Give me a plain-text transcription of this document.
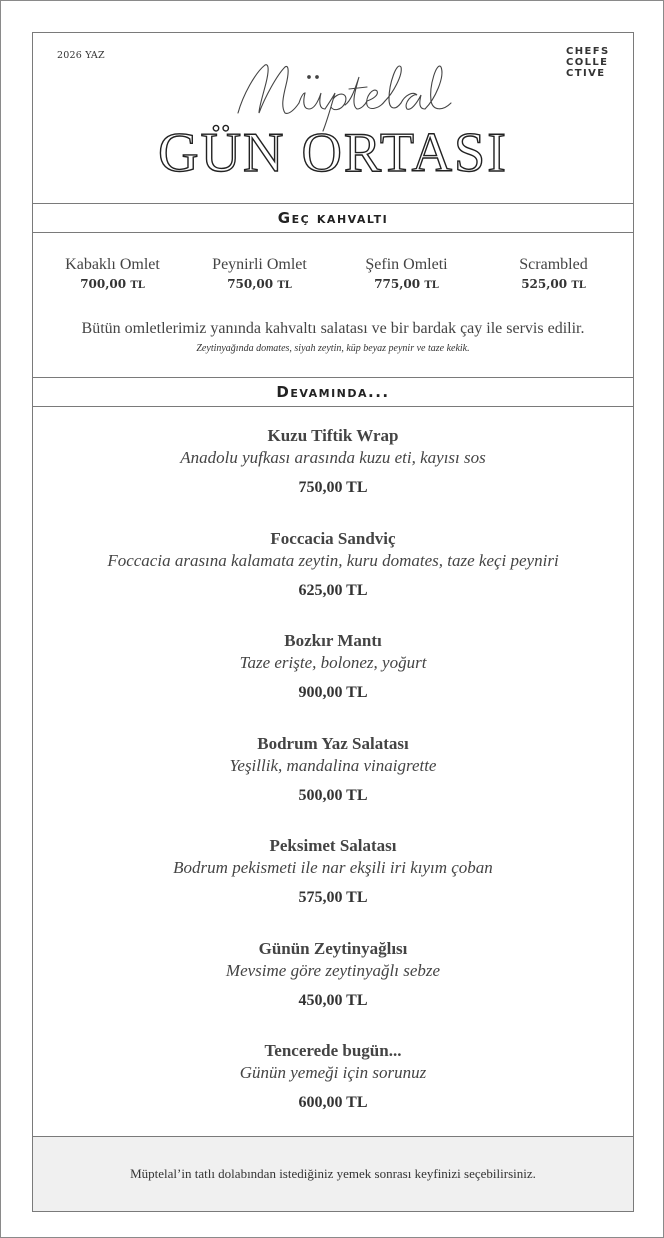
2026 YAZ	CHEFS
COLLE
CTIVE
GÜN ORTASI
Geç kahvaltı
Kabaklı Omlet
700,00 TL
Peynirli Omlet
750,00 TL
Şefin Omleti
775,00 TL
Scrambled
525,00 TL
Bütün omletlerimiz yanında kahvaltı salatası ve bir bardak çay ile servis edilir.
Zeytinyağında domates, siyah zeytin, küp beyaz peynir ve taze kekik.
Devamında...
Kuzu Tiftik Wrap
Anadolu yufkası arasında kuzu eti, kayısı sos
750,00 TL
Foccacia Sandviç
Foccacia arasına kalamata zeytin, kuru domates, taze keçi peyniri
625,00 TL
Bozkır Mantı
Taze erişte, bolonez, yoğurt
900,00 TL
Bodrum Yaz Salatası
Yeşillik, mandalina vinaigrette
500,00 TL
Peksimet Salatası
Bodrum pekismeti ile nar ekşili iri kıyım çoban
575,00 TL
Günün Zeytinyağlısı
Mevsime göre zeytinyağlı sebze
450,00 TL
Tencerede bugün...
Günün yemeği için sorunuz
600,00 TL
Müptelal’in tatlı dolabından istediğiniz yemek sonrası keyfinizi seçebilirsiniz.
